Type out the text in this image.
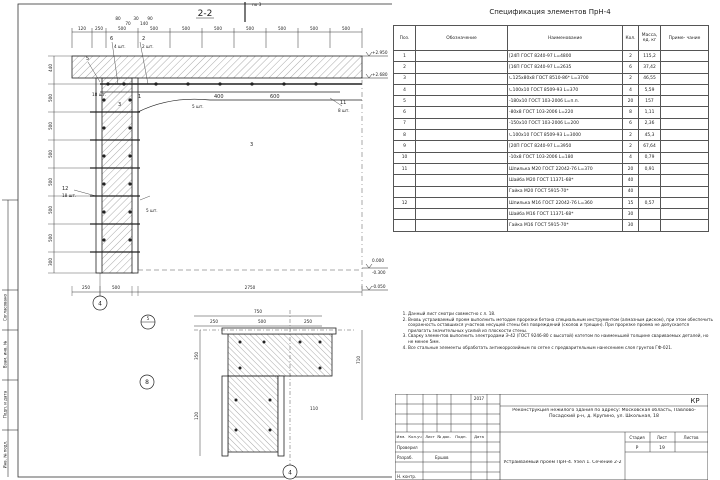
2-2
по 3
120 250	500	500	500	500	500	500	500	500
80
70
30
140
90
440
500
500
500
500
500
500
300
+2.950
+2.680
0.000
-0.300
-0.050
5
6	2
3
1
11
12
18 шт.
4 шт.	2 шт.
5 шт.
8 шт.
18 шт.
5 шт.
400	600
3
250	500	2750
4
8
5
750
250	500	250
350
120
710
110
4
Спецификация элементов ПрН-4
Поз.	Обозначение	Наименование	Кол.	Масса, ед. кг	Приме- чание
1		[24П ГОСТ 8240-97 L=4800	2	115,2	
2		[16П ГОСТ 8240-97 L=2635	6	37,42	
3		∟125х80х8 ГОСТ 8510-86* L=3700	2	46,55	
4		∟100х10 ГОСТ 8509-93 L=370	4	5,59	
5		-180х10 ГОСТ 103-2006 L=п.п.	20	157	
6		-80х8 ГОСТ 103-2006 L=220	8	1,11	
7		-150х10 ГОСТ 103-2006 L=200	6	2,36	
8		∟100х10 ГОСТ 8509-93 L=3000	2	45,3	
9		[20П ГОСТ 8240-97 L=3950	2	67,64	
10		-10х8 ГОСТ 103-2006 L=180	4	0,79	
11		Шпилька М20 ГОСТ 22042-76 L=370	20	0,91	
		Шайба М20 ГОСТ 11371-68*	40		
		Гайка М20 ГОСТ 5915-70*	40		
12		Шпилька М16 ГОСТ 22042-76 L=360	15	0,57	
		Шайба М16 ГОСТ 11371-68*	30		
		Гайка М16 ГОСТ 5915-70*	30		
1. Данный лист смотри совместно с л. 18.
2. Вновь устраиваемый проем выполнить методом прорезки бетона специальным инструментом (алмазным диском), при этом обеспечить сохранность оставшихся участков несущей стены без повреждений (сколов и трещин). При прорезке проема не допускается прилагать значительных усилий из плоскости стены.
3. Сварку элементов выполнить электродами Э-42 (ГОСТ 9246-80 с высотой) катетом по наименьшей толщине свариваемых деталей, но не менее 5мм.
4. Все стальные элементы обработать антикоррозийным по сетке с предварительным нанесением слоя грунтов ГФ-021.
КР
2017
Изм. Кол.уч Лист № док. Подп. Дата
Проверил
Разраб.	Ершов
Н. контр.
Реконструкция нежилого здания по адресу: Московская область, Павлово-Посадский р-н, д. Крупино, ул. Школьная, 18
Устраиваемый проем ПрН-4. Узел 1. Сечение 2-2
Стадия	Лист	Листов
Р	19
Согласовано
Взам. инв. №
Подп. и дата
Инв. № подл.
